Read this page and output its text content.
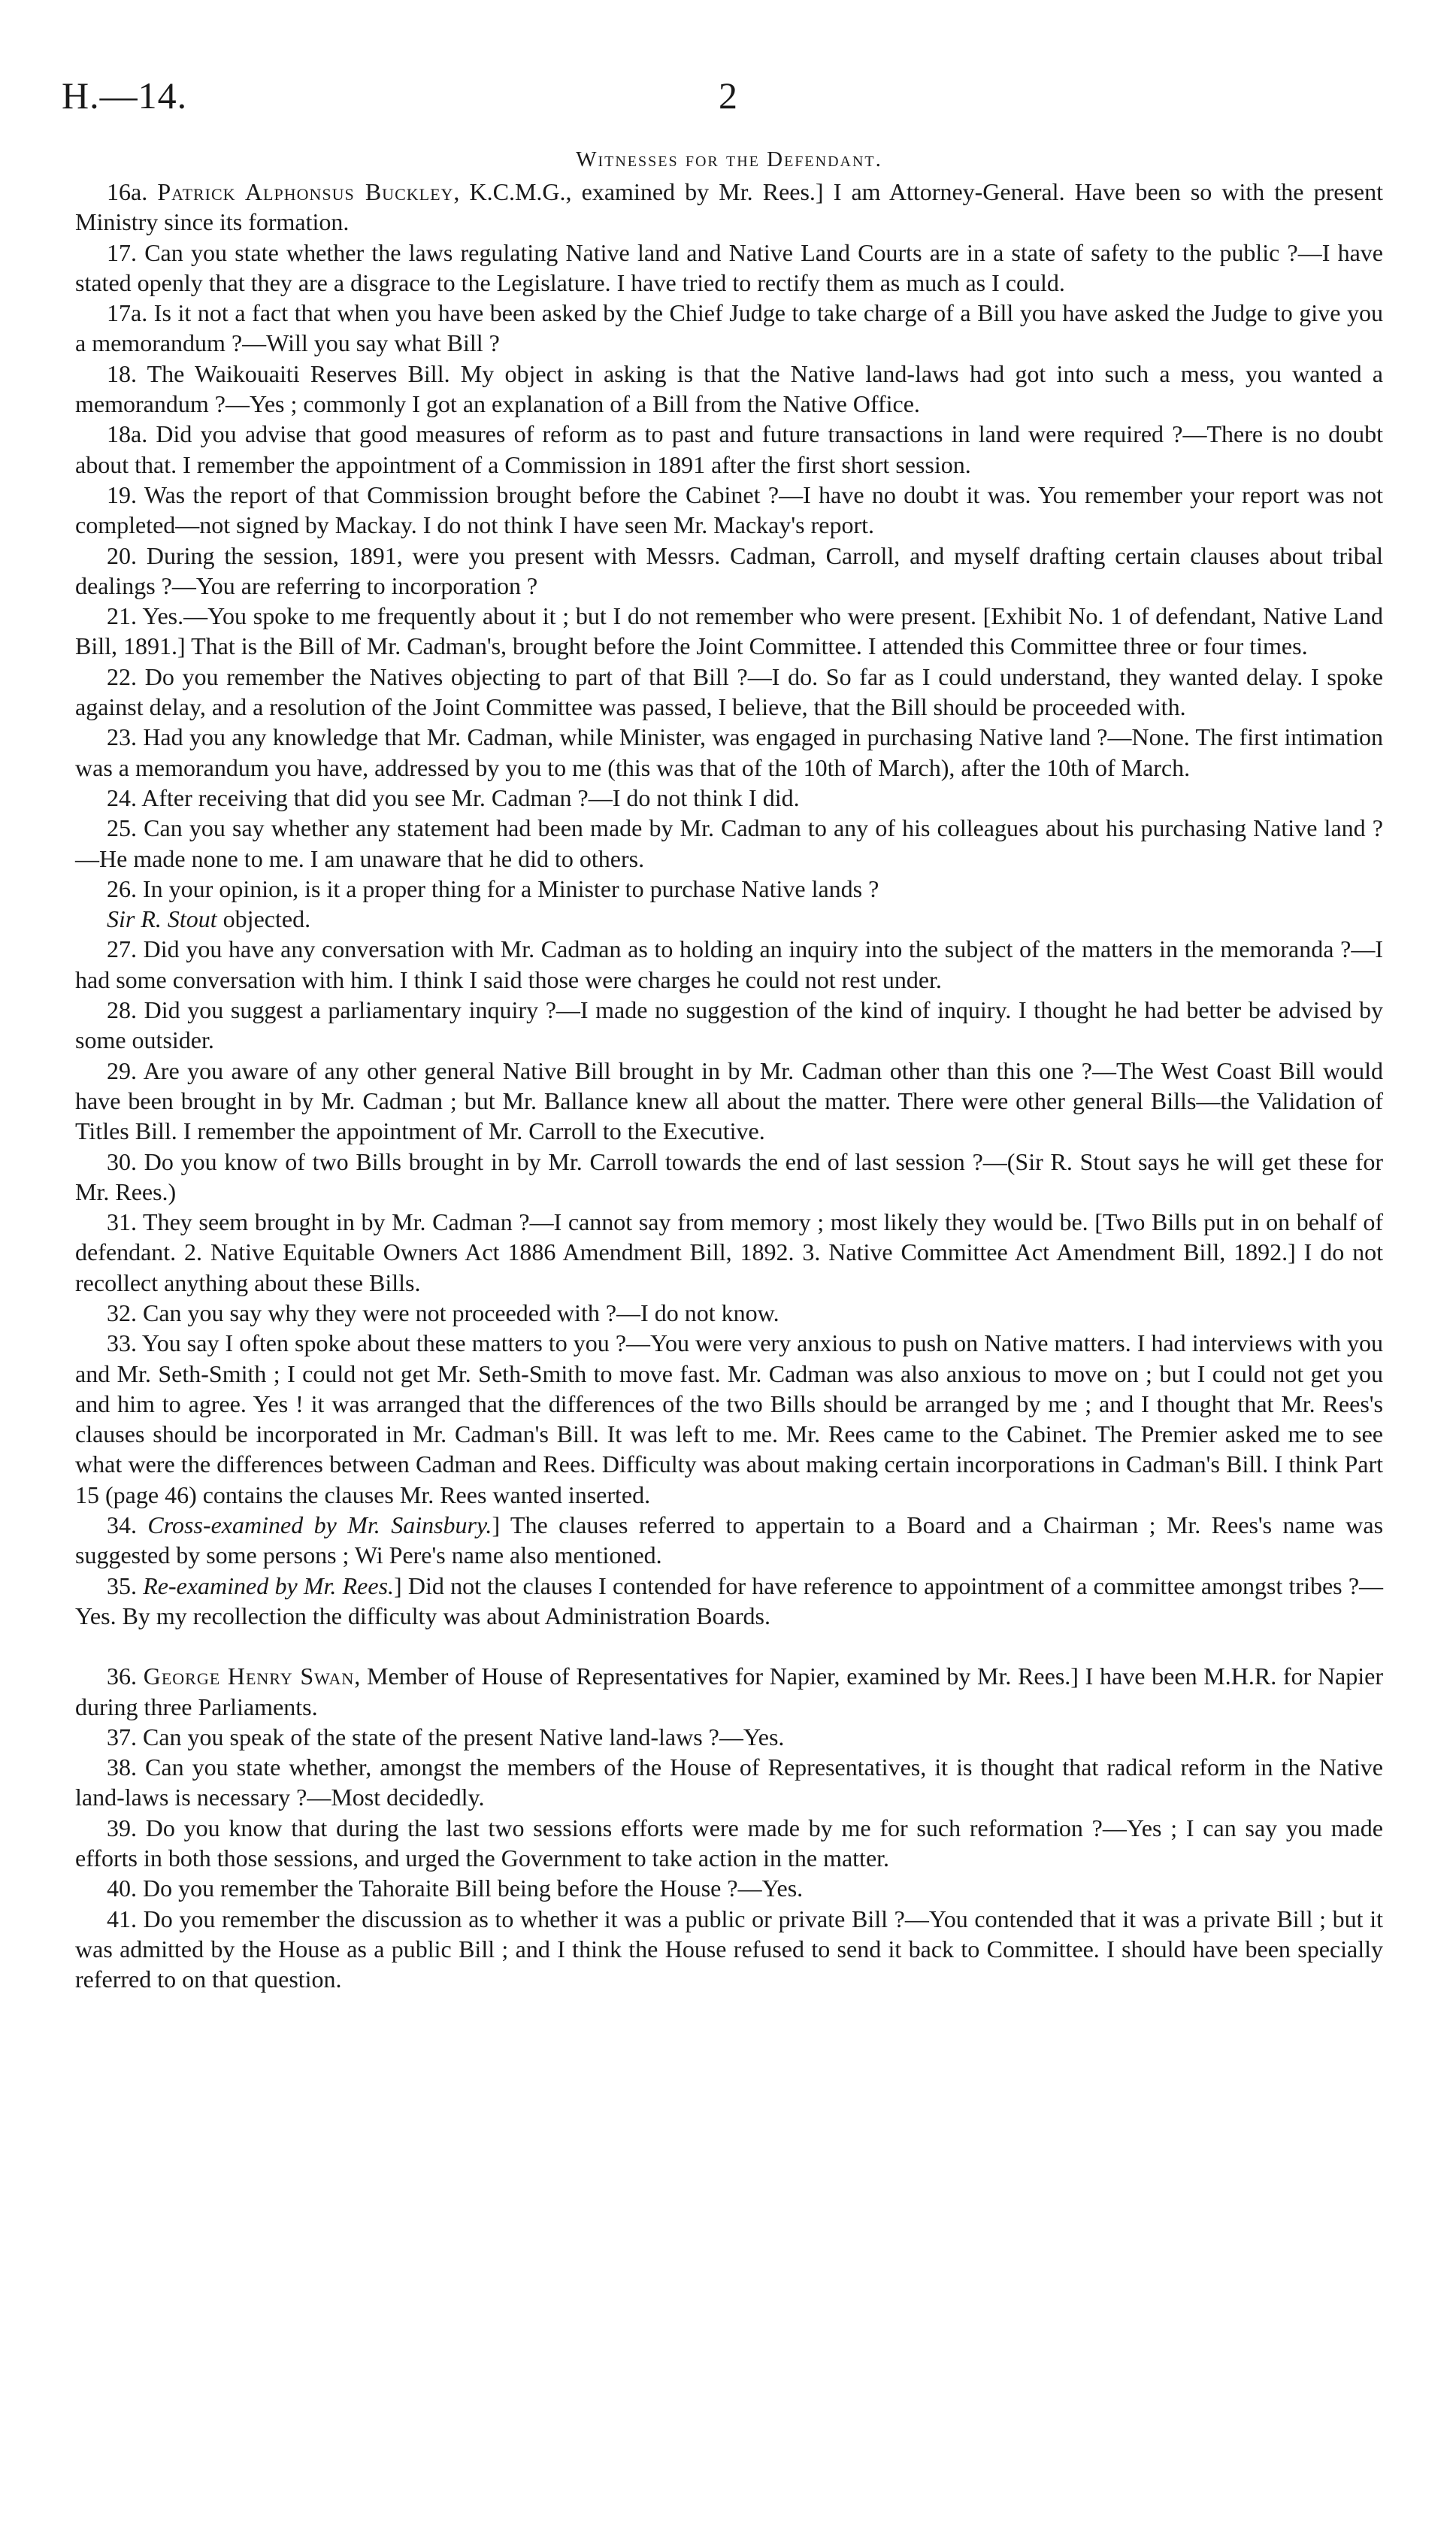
H.—14.	2
Witnesses for the Defendant.

16a. Patrick Alphonsus Buckley, K.C.M.G., examined by Mr. Rees.] I am Attorney-General. Have been so with the present Ministry since its formation.

17. Can you state whether the laws regulating Native land and Native Land Courts are in a state of safety to the public ?—I have stated openly that they are a disgrace to the Legislature. I have tried to rectify them as much as I could.

17a. Is it not a fact that when you have been asked by the Chief Judge to take charge of a Bill you have asked the Judge to give you a memorandum ?—Will you say what Bill ?

18. The Waikouaiti Reserves Bill. My object in asking is that the Native land-laws had got into such a mess, you wanted a memorandum ?—Yes ; commonly I got an explanation of a Bill from the Native Office.

18a. Did you advise that good measures of reform as to past and future transactions in land were required ?—There is no doubt about that. I remember the appointment of a Commission in 1891 after the first short session.

19. Was the report of that Commission brought before the Cabinet ?—I have no doubt it was. You remember your report was not completed—not signed by Mackay. I do not think I have seen Mr. Mackay's report.

20. During the session, 1891, were you present with Messrs. Cadman, Carroll, and myself drafting certain clauses about tribal dealings ?—You are referring to incorporation ?

21. Yes.—You spoke to me frequently about it ; but I do not remember who were present. [Exhibit No. 1 of defendant, Native Land Bill, 1891.] That is the Bill of Mr. Cadman's, brought before the Joint Committee. I attended this Committee three or four times.

22. Do you remember the Natives objecting to part of that Bill ?—I do. So far as I could understand, they wanted delay. I spoke against delay, and a resolution of the Joint Committee was passed, I believe, that the Bill should be proceeded with.

23. Had you any knowledge that Mr. Cadman, while Minister, was engaged in purchasing Native land ?—None. The first intimation was a memorandum you have, addressed by you to me (this was that of the 10th of March), after the 10th of March.

24. After receiving that did you see Mr. Cadman ?—I do not think I did.

25. Can you say whether any statement had been made by Mr. Cadman to any of his colleagues about his purchasing Native land ?—He made none to me. I am unaware that he did to others.

26. In your opinion, is it a proper thing for a Minister to purchase Native lands ?

Sir R. Stout objected.

27. Did you have any conversation with Mr. Cadman as to holding an inquiry into the subject of the matters in the memoranda ?—I had some conversation with him. I think I said those were charges he could not rest under.

28. Did you suggest a parliamentary inquiry ?—I made no suggestion of the kind of inquiry. I thought he had better be advised by some outsider.

29. Are you aware of any other general Native Bill brought in by Mr. Cadman other than this one ?—The West Coast Bill would have been brought in by Mr. Cadman ; but Mr. Ballance knew all about the matter. There were other general Bills—the Validation of Titles Bill. I remember the appointment of Mr. Carroll to the Executive.

30. Do you know of two Bills brought in by Mr. Carroll towards the end of last session ?—(Sir R. Stout says he will get these for Mr. Rees.)

31. They seem brought in by Mr. Cadman ?—I cannot say from memory ; most likely they would be. [Two Bills put in on behalf of defendant. 2. Native Equitable Owners Act 1886 Amendment Bill, 1892. 3. Native Committee Act Amendment Bill, 1892.] I do not recollect anything about these Bills.

32. Can you say why they were not proceeded with ?—I do not know.

33. You say I often spoke about these matters to you ?—You were very anxious to push on Native matters. I had interviews with you and Mr. Seth-Smith ; I could not get Mr. Seth-Smith to move fast. Mr. Cadman was also anxious to move on ; but I could not get you and him to agree. Yes ! it was arranged that the differences of the two Bills should be arranged by me ; and I thought that Mr. Rees's clauses should be incorporated in Mr. Cadman's Bill. It was left to me. Mr. Rees came to the Cabinet. The Premier asked me to see what were the differences between Cadman and Rees. Difficulty was about making certain incorporations in Cadman's Bill. I think Part 15 (page 46) contains the clauses Mr. Rees wanted inserted.

34. Cross-examined by Mr. Sainsbury.] The clauses referred to appertain to a Board and a Chairman ; Mr. Rees's name was suggested by some persons ; Wi Pere's name also mentioned.

35. Re-examined by Mr. Rees.] Did not the clauses I contended for have reference to appointment of a committee amongst tribes ?—Yes. By my recollection the difficulty was about Administration Boards.

36. George Henry Swan, Member of House of Representatives for Napier, examined by Mr. Rees.] I have been M.H.R. for Napier during three Parliaments.

37. Can you speak of the state of the present Native land-laws ?—Yes.

38. Can you state whether, amongst the members of the House of Representatives, it is thought that radical reform in the Native land-laws is necessary ?—Most decidedly.

39. Do you know that during the last two sessions efforts were made by me for such reformation ?—Yes ; I can say you made efforts in both those sessions, and urged the Government to take action in the matter.

40. Do you remember the Tahoraite Bill being before the House ?—Yes.

41. Do you remember the discussion as to whether it was a public or private Bill ?—You contended that it was a private Bill ; but it was admitted by the House as a public Bill ; and I think the House refused to send it back to Committee. I should have been specially referred to on that question.
